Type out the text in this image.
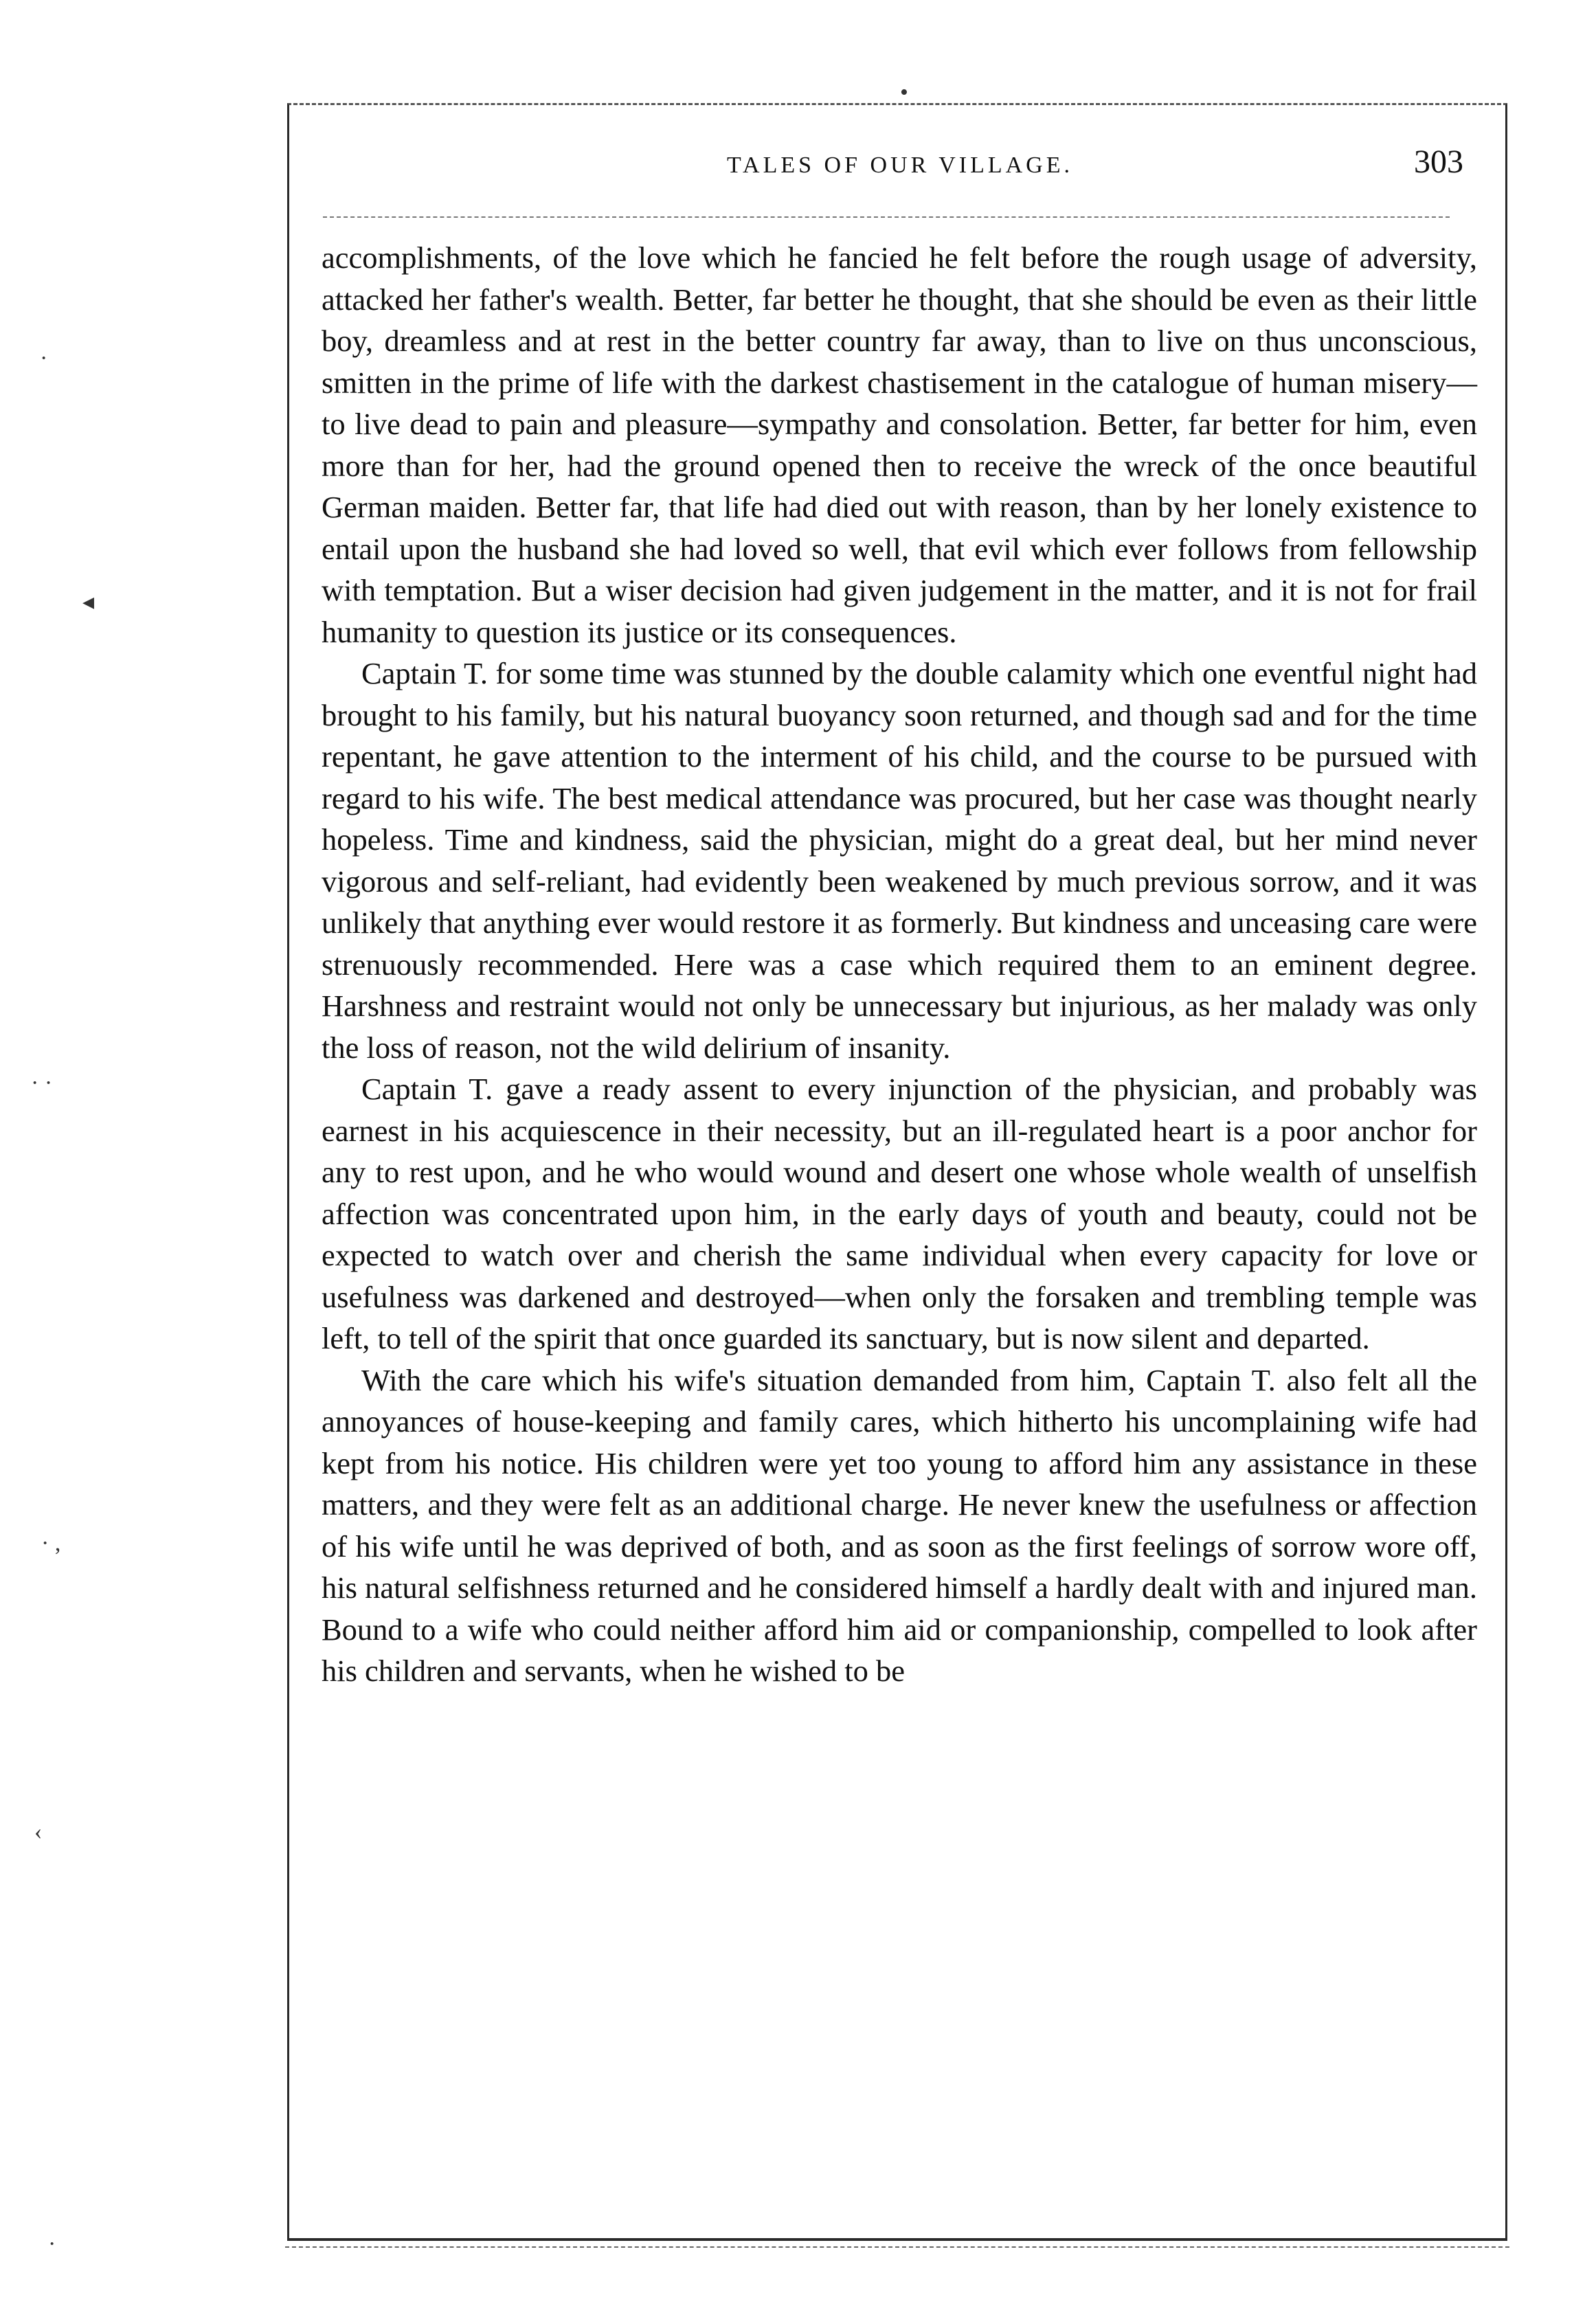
TALES OF OUR VILLAGE.	303

accomplishments, of the love which he fancied he felt before the rough usage of adversity, attacked her father's wealth. Better, far better he thought, that she should be even as their little boy, dreamless and at rest in the better country far away, than to live on thus unconscious, smitten in the prime of life with the darkest chastisement in the catalogue of human misery—to live dead to pain and pleasure—sympathy and consolation. Better, far better for him, even more than for her, had the ground opened then to receive the wreck of the once beautiful German maiden. Better far, that life had died out with reason, than by her lonely existence to entail upon the husband she had loved so well, that evil which ever follows from fellowship with temptation. But a wiser decision had given judgement in the matter, and it is not for frail humanity to question its justice or its consequences.

Captain T. for some time was stunned by the double calamity which one eventful night had brought to his family, but his natural buoyancy soon returned, and though sad and for the time repentant, he gave attention to the interment of his child, and the course to be pursued with regard to his wife. The best medical attendance was procured, but her case was thought nearly hopeless. Time and kindness, said the physician, might do a great deal, but her mind never vigorous and self-reliant, had evidently been weakened by much previous sorrow, and it was unlikely that anything ever would restore it as formerly. But kindness and unceasing care were strenuously recommended. Here was a case which required them to an eminent degree. Harshness and restraint would not only be unnecessary but injurious, as her malady was only the loss of reason, not the wild delirium of insanity.

Captain T. gave a ready assent to every injunction of the physician, and probably was earnest in his acquiescence in their necessity, but an ill-regulated heart is a poor anchor for any to rest upon, and he who would wound and desert one whose whole wealth of unselfish affection was concentrated upon him, in the early days of youth and beauty, could not be expected to watch over and cherish the same individual when every capacity for love or usefulness was darkened and destroyed—when only the forsaken and trembling temple was left, to tell of the spirit that once guarded its sanctuary, but is now silent and departed.

With the care which his wife's situation demanded from him, Captain T. also felt all the annoyances of house-keeping and family cares, which hitherto his uncomplaining wife had kept from his notice. His children were yet too young to afford him any assistance in these matters, and they were felt as an additional charge. He never knew the usefulness or affection of his wife until he was deprived of both, and as soon as the first feelings of sorrow wore off, his natural selfishness returned and he considered himself a hardly dealt with and injured man. Bound to a wife who could neither afford him aid or companionship, compelled to look after his children and servants, when he wished to be

•
·
◂
· ·
· ,
‹
·
